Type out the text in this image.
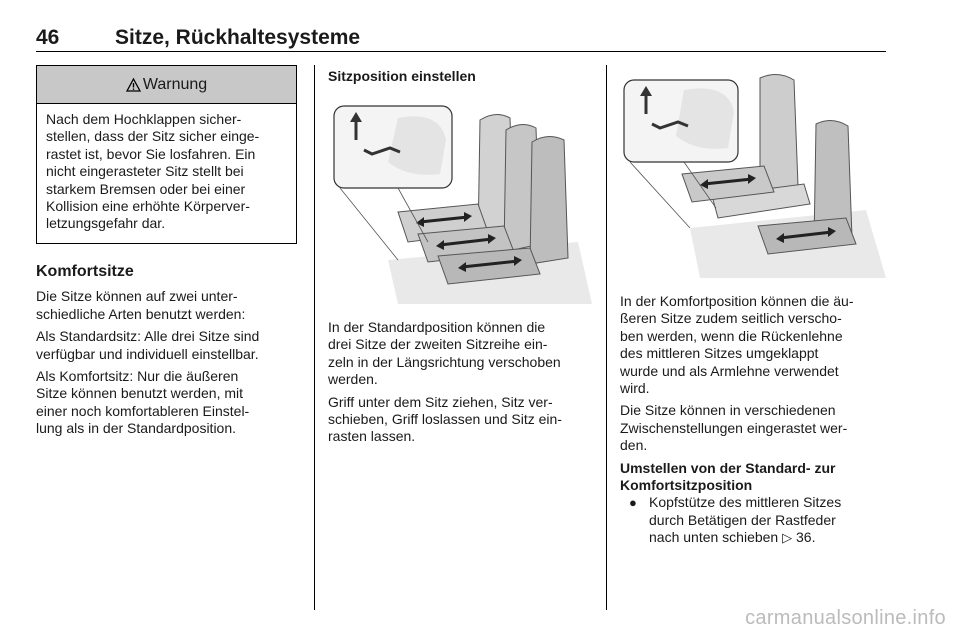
46	Sitze, Rückhaltesysteme
Warnung
Nach dem Hochklappen sicher-
stellen, dass der Sitz sicher einge-
rastet ist, bevor Sie losfahren. Ein
nicht eingerasteter Sitz stellt bei
starkem Bremsen oder bei einer
Kollision eine erhöhte Körperver-
letzungsgefahr dar.
Komfortsitze

Die Sitze können auf zwei unter-
schiedliche Arten benutzt werden:

Als Standardsitz: Alle drei Sitze sind
verfügbar und individuell einstellbar.

Als Komfortsitz: Nur die äußeren
Sitze können benutzt werden, mit
einer noch komfortableren Einstel-
lung als in der Standardposition.

Sitzposition einstellen

In der Standardposition können die
drei Sitze der zweiten Sitzreihe ein-
zeln in der Längsrichtung verschoben
werden.

Griff unter dem Sitz ziehen, Sitz ver-
schieben, Griff loslassen und Sitz ein-
rasten lassen.

In der Komfortposition können die äu-
ßeren Sitze zudem seitlich verscho-
ben werden, wenn die Rückenlehne
des mittleren Sitzes umgeklappt
wurde und als Armlehne verwendet
wird.

Die Sitze können in verschiedenen
Zwischenstellungen eingerastet wer-
den.

Umstellen von der Standard- zur
Komfortsitzposition
● Kopfstütze des mittleren Sitzes
durch Betätigen der Rastfeder
nach unten schieben ▷ 36.
carmanualsonline.info
